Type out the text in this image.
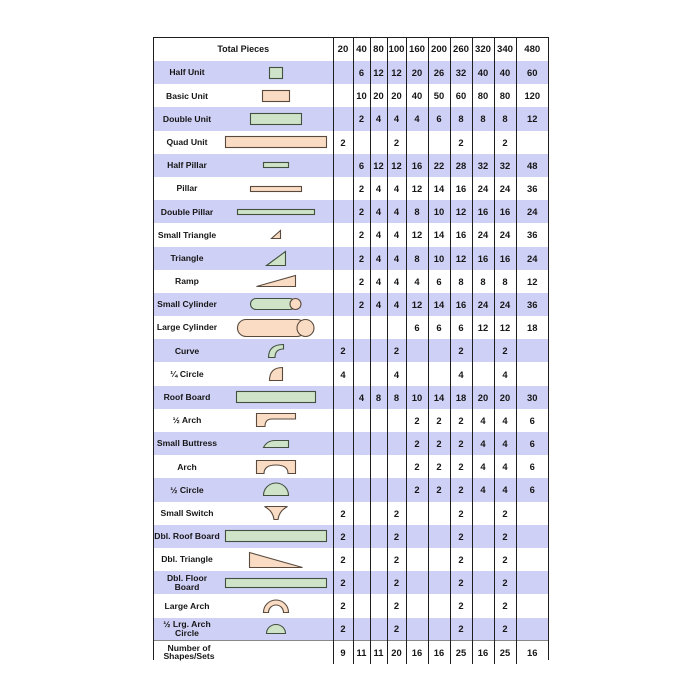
Total Pieces		20	40	80	100	160	200	260	320	340	480
Half Unit			6	12	12	20	26	32	40	40	60
Basic Unit			10	20	20	40	50	60	80	80	120
Double Unit			2	4	4	4	6	8	8	8	12
Quad Unit		2			2			2		2	
Half Pillar			6	12	12	16	22	28	32	32	48
Pillar			2	4	4	12	14	16	24	24	36
Double Pillar			2	4	4	8	10	12	16	16	24
Small Triangle			2	4	4	12	14	16	24	24	36
Triangle			2	4	4	8	10	12	16	16	24
Ramp			2	4	4	4	6	8	8	8	12
Small Cylinder			2	4	4	12	14	16	24	24	36
Large Cylinder						6	6	6	12	12	18
Curve		2			2			2		2	
¼ Circle		4			4			4		4	
Roof Board			4	8	8	10	14	18	20	20	30
½ Arch						2	2	2	4	4	6
Small Buttress						2	2	2	4	4	6
Arch						2	2	2	4	4	6
½ Circle						2	2	2	4	4	6
Small Switch		2			2			2		2	
Dbl. Roof Board		2			2			2		2	
Dbl. Triangle		2			2			2		2	
Dbl. Floor Board		2			2			2		2	
Large Arch		2			2			2		2	
½ Lrg. Arch Circle		2			2			2		2	
Number of Shapes/Sets		9	11	11	20	16	16	25	16	25	16
